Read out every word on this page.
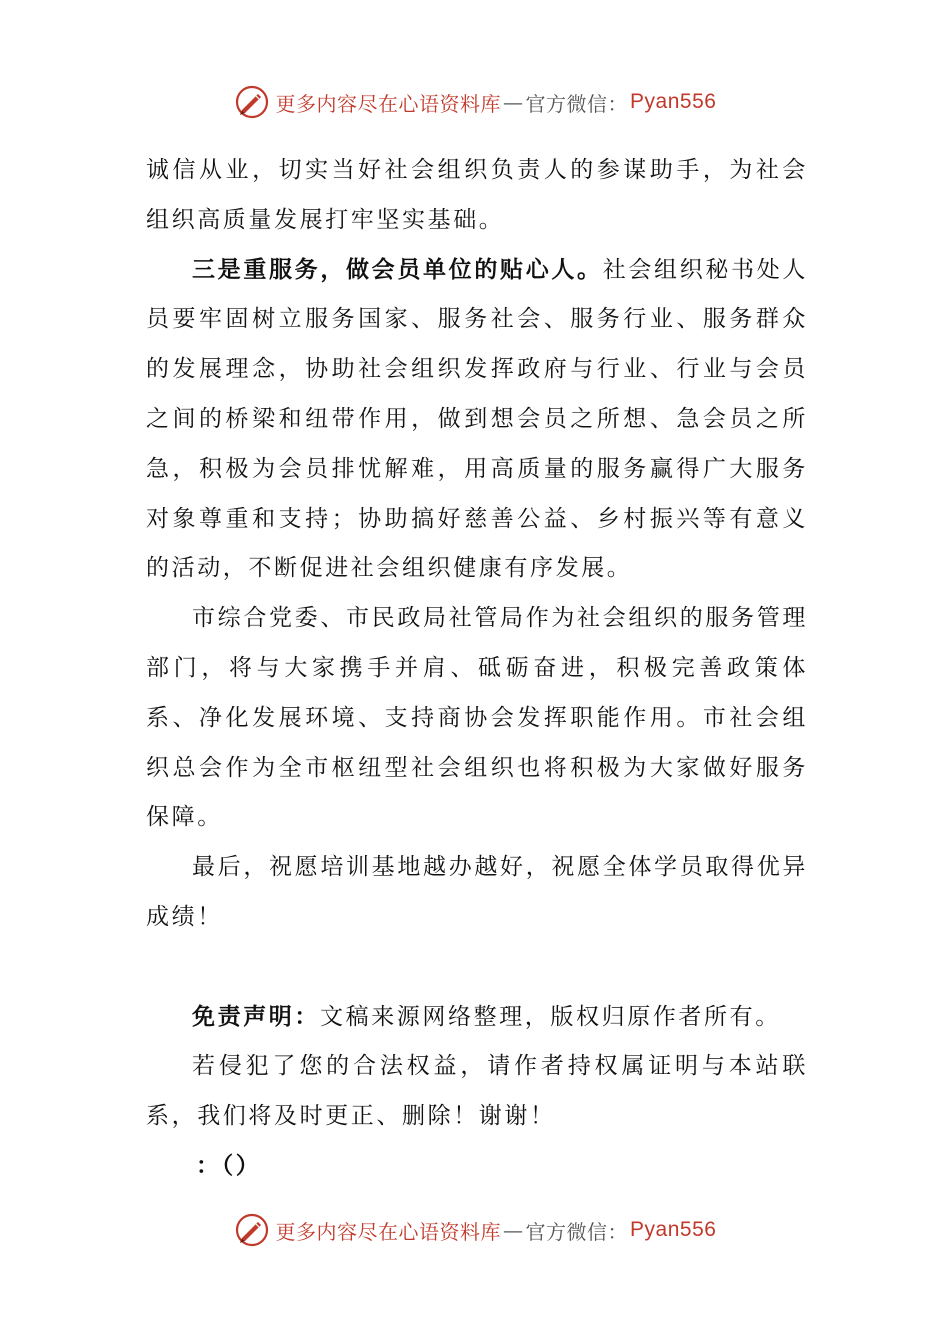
更多内容尽在心语资料库 — 官方微信： Pyan556

诚信从业，切实当好社会组织负责人的参谋助手，为社会组织高质量发展打牢坚实基础。

三是重服务，做会员单位的贴心人。社会组织秘书处人员要牢固树立服务国家、服务社会、服务行业、服务群众的发展理念，协助社会组织发挥政府与行业、行业与会员之间的桥梁和纽带作用，做到想会员之所想、急会员之所急，积极为会员排忧解难，用高质量的服务赢得广大服务对象尊重和支持；协助搞好慈善公益、乡村振兴等有意义的活动，不断促进社会组织健康有序发展。

市综合党委、市民政局社管局作为社会组织的服务管理部门，将与大家携手并肩、砥砺奋进，积极完善政策体系、净化发展环境、支持商协会发挥职能作用。市社会组织总会作为全市枢纽型社会组织也将积极为大家做好服务保障。

最后，祝愿培训基地越办越好，祝愿全体学员取得优异成绩！

免责声明：文稿来源网络整理，版权归原作者所有。

若侵犯了您的合法权益，请作者持权属证明与本站联系，我们将及时更正、删除！谢谢！

：（）

更多内容尽在心语资料库 — 官方微信： Pyan556
